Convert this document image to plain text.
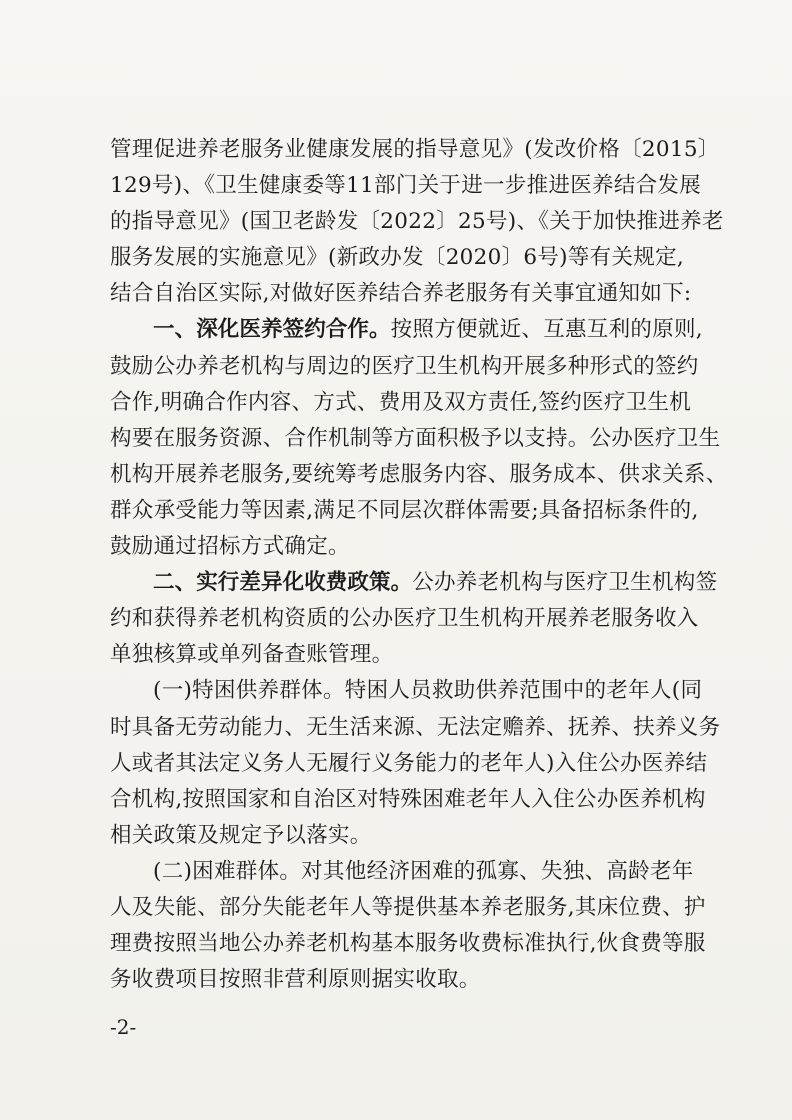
管理促进养老服务业健康发展的指导意见》(发改价格〔2015〕
129号)、《卫生健康委等11部门关于进一步推进医养结合发展
的指导意见》(国卫老龄发〔2022〕25号)、《关于加快推进养老
服务发展的实施意见》(新政办发〔2020〕6号)等有关规定,
结合自治区实际,对做好医养结合养老服务有关事宜通知如下:
一、深化医养签约合作。按照方便就近、互惠互利的原则,
鼓励公办养老机构与周边的医疗卫生机构开展多种形式的签约
合作,明确合作内容、方式、费用及双方责任,签约医疗卫生机
构要在服务资源、合作机制等方面积极予以支持。公办医疗卫生
机构开展养老服务,要统筹考虑服务内容、服务成本、供求关系、
群众承受能力等因素,满足不同层次群体需要;具备招标条件的,
鼓励通过招标方式确定。
二、实行差异化收费政策。公办养老机构与医疗卫生机构签
约和获得养老机构资质的公办医疗卫生机构开展养老服务收入
单独核算或单列备查账管理。
(一)特困供养群体。特困人员救助供养范围中的老年人(同
时具备无劳动能力、无生活来源、无法定赡养、抚养、扶养义务
人或者其法定义务人无履行义务能力的老年人)入住公办医养结
合机构,按照国家和自治区对特殊困难老年人入住公办医养机构
相关政策及规定予以落实。
(二)困难群体。对其他经济困难的孤寡、失独、高龄老年
人及失能、部分失能老年人等提供基本养老服务,其床位费、护
理费按照当地公办养老机构基本服务收费标准执行,伙食费等服
务收费项目按照非营利原则据实收取。
-2-
